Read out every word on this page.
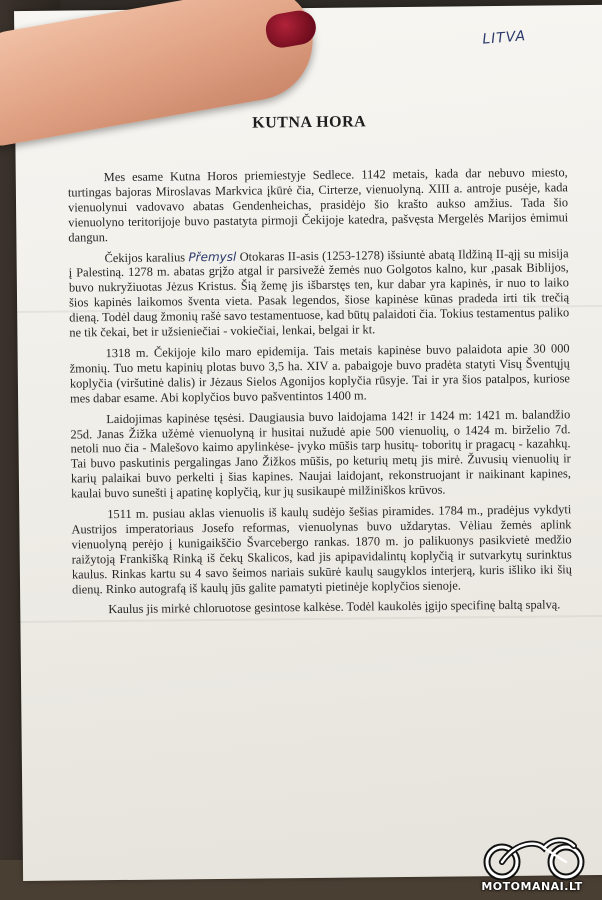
LITVA
KUTNA HORA

Mes esame Kutna Horos priemiestyje Sedlece. 1142 metais, kada dar nebuvo miesto, turtingas bajoras Miroslavas Markvica įkūrė čia, Cirterze, vienuolyną. XIII a. antroje pusėje, kada vienuolynui vadovavo abatas Gendenheichas, prasidėjo šio krašto aukso amžius. Tada šio vienuolyno teritorijoje buvo pastatyta pirmoji Čekijoje katedra, pašvęsta Mergelės Marijos ėmimui dangun.

Čekijos karalius Přemysl Otokaras II-asis (1253-1278) išsiuntė abatą Ildžiną II-ąjį su misija į Palestiną. 1278 m. abatas grįžo atgal ir parsivežė žemės nuo Golgotos kalno, kur ,pasak Biblijos, buvo nukryžiuotas Jėzus Kristus. Šią žemę jis išbarstęs ten, kur dabar yra kapinės, ir nuo to laiko šios kapinės laikomos šventa vieta. Pasak legendos, šiose kapinėse kūnas pradeda irti tik trečią dieną. Todėl daug žmonių rašė savo testamentuose, kad būtų palaidoti čia. Tokius testamentus paliko ne tik čekai, bet ir užsieniečiai - vokiečiai, lenkai, belgai ir kt.

1318 m. Čekijoje kilo maro epidemija. Tais metais kapinėse buvo palaidota apie 30 000 žmonių. Tuo metu kapinių plotas buvo 3,5 ha. XIV a. pabaigoje buvo pradėta statyti Visų Šventųjų koplyčia (viršutinė dalis) ir Jėzaus Sielos Agonijos koplyčia rūsyje. Tai ir yra šios patalpos, kuriose mes dabar esame. Abi koplyčios buvo pašventintos 1400 m.

Laidojimas kapinėse tęsėsi. Daugiausia buvo laidojama 142! ir 1424 m: 1421 m. balandžio 25d. Janas Žižka užėmė vienuolyną ir husitai nužudė apie 500 vienuolių, o 1424 m. birželio 7d. netoli nuo čia - Malešovo kaimo apylinkėse- įvyko mūšis tarp husitų- toboritų ir pragacų - kazahkų. Tai buvo paskutinis pergalingas Jano Žižkos mūšis, po keturių metų jis mirė. Žuvusių vienuolių ir karių palaikai buvo perkelti į šias kapines. Naujai laidojant, rekonstruojant ir naikinant kapines, kaulai buvo sunešti į apatinę koplyčią, kur jų susikaupė milžiniškos krūvos.

1511 m. pusiau aklas vienuolis iš kaulų sudėjo šešias piramides. 1784 m., pradėjus vykdyti Austrijos imperatoriaus Josefo reformas, vienuolynas buvo uždarytas. Vėliau žemės aplink vienuolyną perėjo į kunigaikščio Švarcebergo rankas. 1870 m. jo palikuonys pasikvietė medžio raižytoją Frankišką Rinką iš čekų Skalicos, kad jis apipavidalintų koplyčią ir sutvarkytų surinktus kaulus. Rinkas kartu su 4 savo šeimos nariais sukūrė kaulų saugyklos interjerą, kuris išliko iki šių dienų. Rinko autografą iš kaulų jūs galite pamatyti pietinėje koplyčios sienoje.

Kaulus jis mirkė chloruotose gesintose kalkėse. Todėl kaukolės įgijo specifinę baltą spalvą.

MOTOMANAI.LT
